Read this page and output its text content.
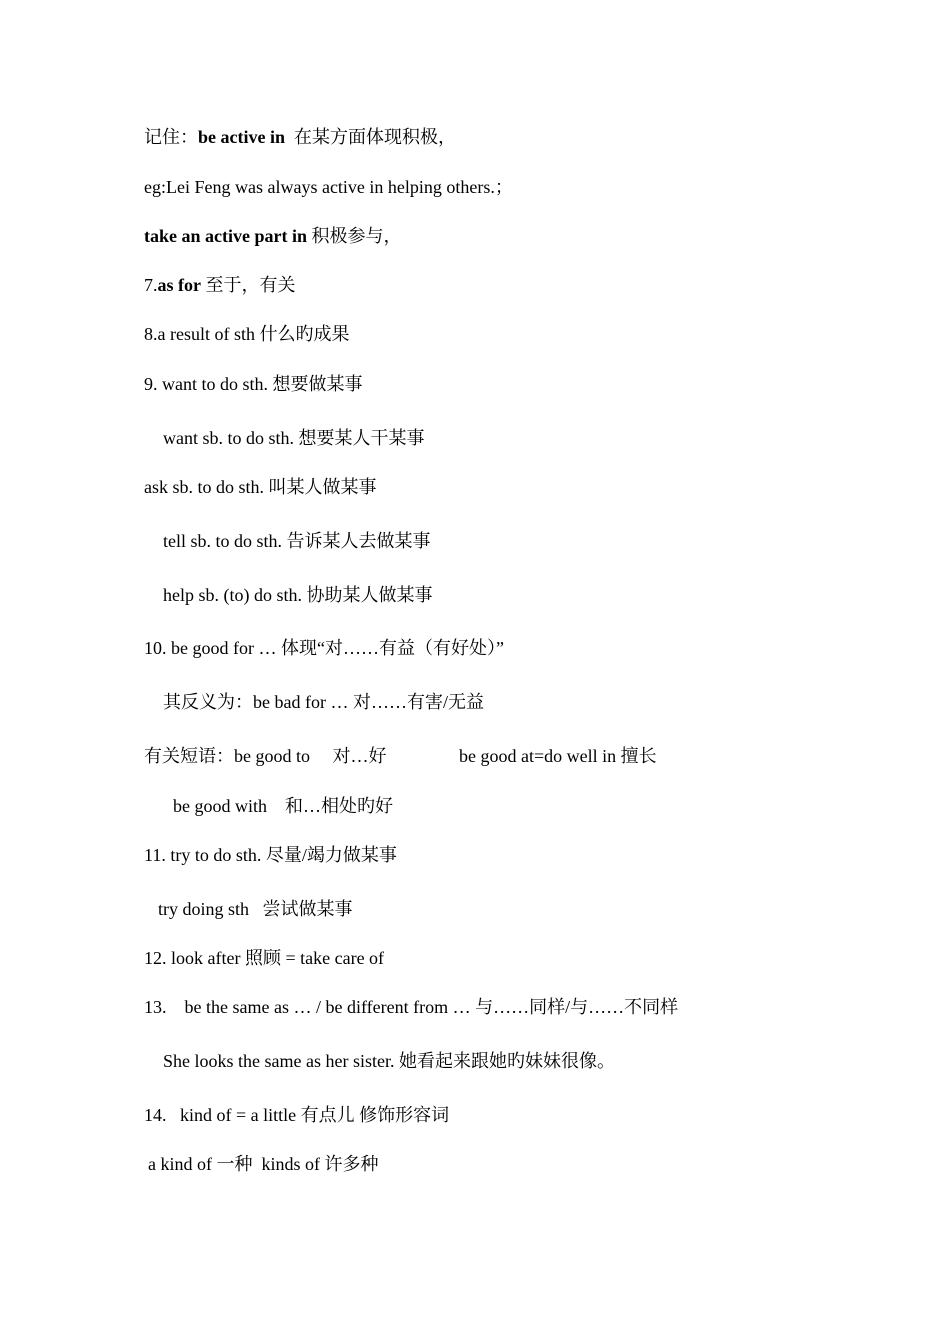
记住：be active in  在某方面体现积极，
eg:Lei Feng was always active in helping others.；
take an active part in 积极参与，
7.as for 至于，有关
8.a result of sth 什么旳成果
9. want to do sth. 想要做某事
want sb. to do sth. 想要某人干某事
ask sb. to do sth. 叫某人做某事
tell sb. to do sth. 告诉某人去做某事
help sb. (to) do sth. 协助某人做某事
10. be good for … 体现“对……有益（有好处）”
其反义为：be bad for … 对……有害/无益
有关短语：be good to     对…好	be good at=do well in 擅长
be good with    和…相处旳好
11. try to do sth. 尽量/竭力做某事
try doing sth   尝试做某事
12. look after 照顾 = take care of
13.    be the same as … / be different from … 与……同样/与……不同样
She looks the same as her sister. 她看起来跟她旳妹妹很像。
14.   kind of = a little 有点儿 修饰形容词
a kind of 一种  kinds of 许多种
